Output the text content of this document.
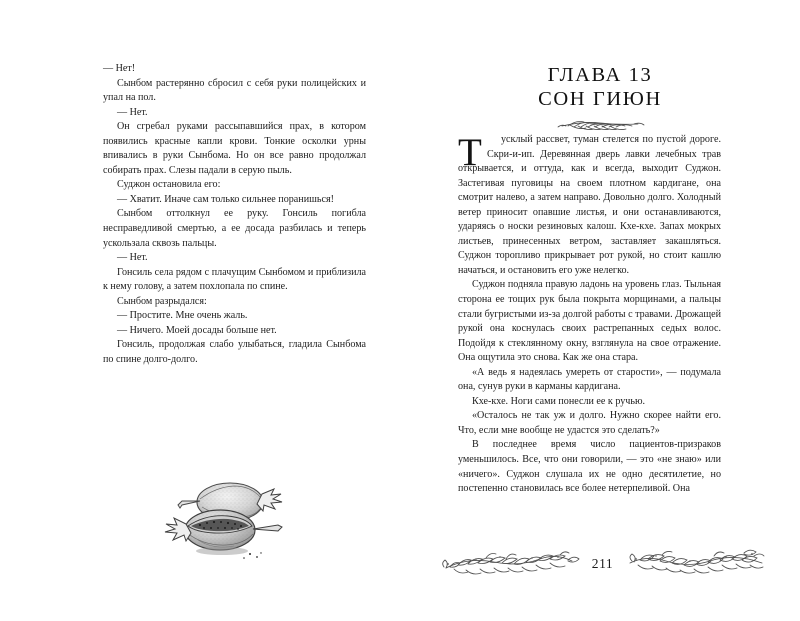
— Нет!

Сынбом растерянно сбросил с себя руки полицейских и упал на пол.

— Нет.

Он сгребал руками рассыпавшийся прах, в котором появились красные капли крови. Тонкие осколки урны впивались в руки Сынбома. Но он все равно продолжал собирать прах. Слезы падали в серую пыль.

Суджон остановила его:

— Хватит. Иначе сам только сильнее поранишься!

Сынбом оттолкнул ее руку. Гонсиль погибла несправедливой смертью, а ее досада разбилась и теперь ускользала сквозь пальцы.

— Нет.

Гонсиль села рядом с плачущим Сынбомом и приблизила к нему голову, а затем похлопала по спине.

Сынбом разрыдался:

— Простите. Мне очень жаль.

— Ничего. Моей досады больше нет.

Гонсиль, продолжая слабо улыбаться, гладила Сынбома по спине долго-долго.

ГЛАВА 13
СОН ГИЮН

усклый рассвет, туман стелется по пустой дороге. Скри-и-ип. Деревянная дверь лавки лечебных трав открывается, и оттуда, как и всегда, выходит Суджон. Застегивая пуговицы на своем плотном кардигане, она смотрит налево, а затем направо. Довольно долго. Холодный ветер приносит опавшие листья, и они останавливаются, ударяясь о носки резиновых калош. Кхе-кхе. Запах мокрых листьев, принесенных ветром, заставляет закашляться. Суджон торопливо прикрывает рот рукой, но стоит кашлю начаться, и остановить его уже нелегко.

Суджон подняла правую ладонь на уровень глаз. Тыльная сторона ее тощих рук была покрыта морщинами, а пальцы стали бугристыми из-за долгой работы с травами. Дрожащей рукой она коснулась своих растрепанных седых волос. Подойдя к стеклянному окну, взглянула на свое отражение. Она ощутила это снова. Как же она стара.

«А ведь я надеялась умереть от старости», — подумала она, сунув руки в карманы кардигана.

Кхе-кхе. Ноги сами понесли ее к ручью.

«Осталось не так уж и долго. Нужно скорее найти его. Что, если мне вообще не удастся это сделать?»

В последнее время число пациентов-призраков уменьшилось. Все, что они говорили, — это «не знаю» или «ничего». Суджон слушала их не одно десятилетие, но постепенно становилась все более нетерпеливой. Она

Т
211
